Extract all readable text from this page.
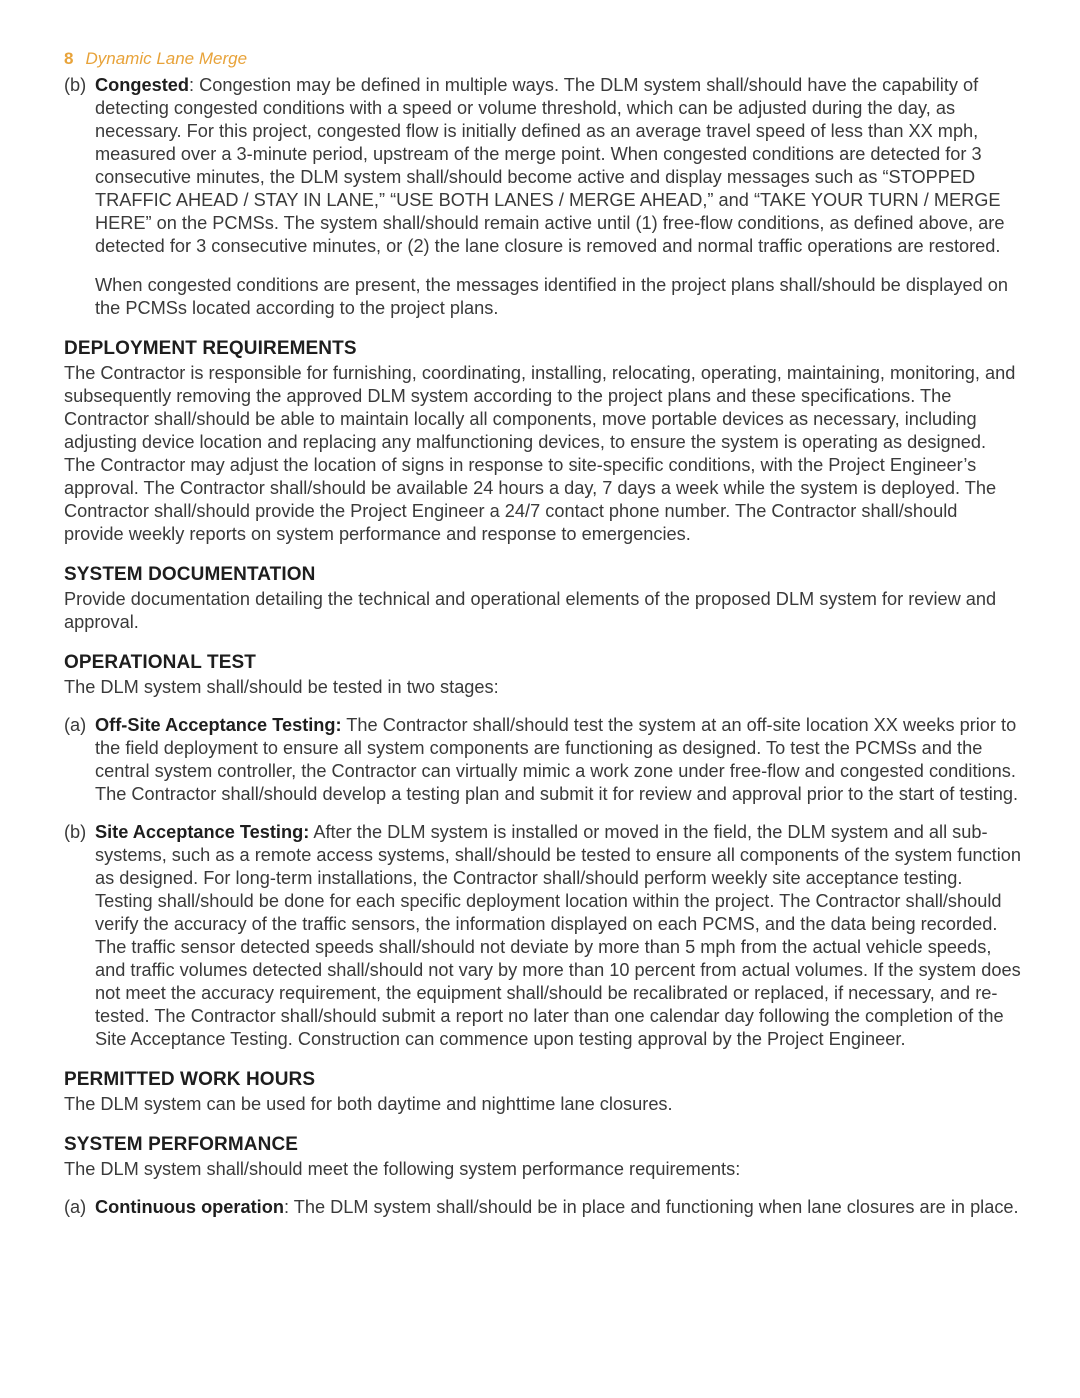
8 Dynamic Lane Merge
(b) Congested: Congestion may be defined in multiple ways. The DLM system shall/should have the capability of detecting congested conditions with a speed or volume threshold, which can be adjusted during the day, as necessary. For this project, congested flow is initially defined as an average travel speed of less than XX mph, measured over a 3-minute period, upstream of the merge point. When congested conditions are detected for 3 consecutive minutes, the DLM system shall/should become active and display messages such as “STOPPED TRAFFIC AHEAD / STAY IN LANE,” “USE BOTH LANES / MERGE AHEAD,” and “TAKE YOUR TURN / MERGE HERE” on the PCMSs. The system shall/should remain active until (1) free-flow conditions, as defined above, are detected for 3 consecutive minutes, or (2) the lane closure is removed and normal traffic operations are restored.

When congested conditions are present, the messages identified in the project plans shall/should be displayed on the PCMSs located according to the project plans.

DEPLOYMENT REQUIREMENTS

The Contractor is responsible for furnishing, coordinating, installing, relocating, operating, maintaining, monitoring, and subsequently removing the approved DLM system according to the project plans and these specifications. The Contractor shall/should be able to maintain locally all components, move portable devices as necessary, including adjusting device location and replacing any malfunctioning devices, to ensure the system is operating as designed. The Contractor may adjust the location of signs in response to site-specific conditions, with the Project Engineer’s approval. The Contractor shall/should be available 24 hours a day, 7 days a week while the system is deployed. The Contractor shall/should provide the Project Engineer a 24/7 contact phone number. The Contractor shall/should provide weekly reports on system performance and response to emergencies.

SYSTEM DOCUMENTATION

Provide documentation detailing the technical and operational elements of the proposed DLM system for review and approval.

OPERATIONAL TEST

The DLM system shall/should be tested in two stages:

(a) Off-Site Acceptance Testing: The Contractor shall/should test the system at an off-site location XX weeks prior to the field deployment to ensure all system components are functioning as designed. To test the PCMSs and the central system controller, the Contractor can virtually mimic a work zone under free-flow and congested conditions. The Contractor shall/should develop a testing plan and submit it for review and approval prior to the start of testing.

(b) Site Acceptance Testing: After the DLM system is installed or moved in the field, the DLM system and all sub-systems, such as a remote access systems, shall/should be tested to ensure all components of the system function as designed. For long-term installations, the Contractor shall/should perform weekly site acceptance testing. Testing shall/should be done for each specific deployment location within the project. The Contractor shall/should verify the accuracy of the traffic sensors, the information displayed on each PCMS, and the data being recorded. The traffic sensor detected speeds shall/should not deviate by more than 5 mph from the actual vehicle speeds, and traffic volumes detected shall/should not vary by more than 10 percent from actual volumes. If the system does not meet the accuracy requirement, the equipment shall/should be recalibrated or replaced, if necessary, and re-tested. The Contractor shall/should submit a report no later than one calendar day following the completion of the Site Acceptance Testing. Construction can commence upon testing approval by the Project Engineer.

PERMITTED WORK HOURS

The DLM system can be used for both daytime and nighttime lane closures.

SYSTEM PERFORMANCE

The DLM system shall/should meet the following system performance requirements:

(a) Continuous operation: The DLM system shall/should be in place and functioning when lane closures are in place.
